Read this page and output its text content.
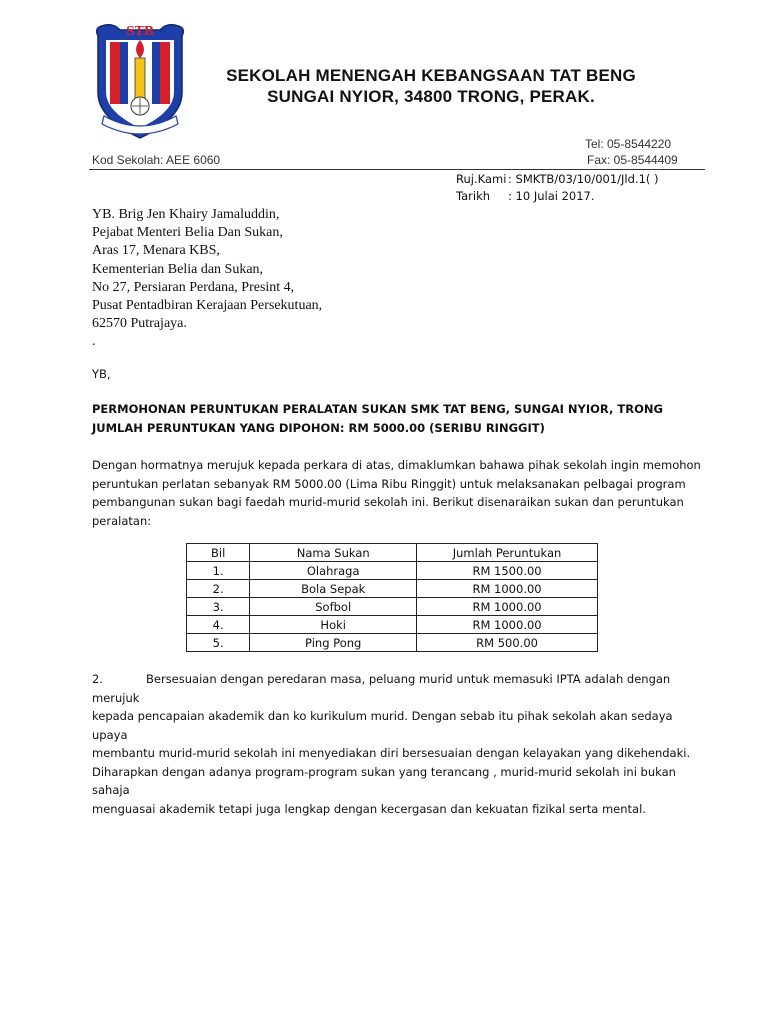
STB
SEKOLAH MENENGAH KEBANGSAAN TAT BENG
SUNGAI NYIOR, 34800 TRONG, PERAK.
Tel: 05-8544220
Kod Sekolah: AEE 6060	Fax: 05-8544409
Ruj.Kami : SMKTB/03/10/001/Jld.1( )
Tarikh : 10 Julai 2017.
YB. Brig Jen Khairy Jamaluddin,
Pejabat Menteri Belia Dan Sukan,
Aras 17, Menara KBS,
Kementerian Belia dan Sukan,
No 27, Persiaran Perdana, Presint 4,
Pusat Pentadbiran Kerajaan Persekutuan,
62570 Putrajaya.
.
YB,
PERMOHONAN PERUNTUKAN PERALATAN SUKAN SMK TAT BENG, SUNGAI NYIOR, TRONG
JUMLAH PERUNTUKAN YANG DIPOHON: RM 5000.00 (SERIBU RINGGIT)
Dengan hormatnya merujuk kepada perkara di atas, dimaklumkan bahawa pihak sekolah ingin memohon
peruntukan perlatan sebanyak RM 5000.00 (Lima Ribu Ringgit) untuk melaksanakan pelbagai program
pembangunan sukan bagi faedah murid-murid sekolah ini. Berikut disenaraikan sukan dan peruntukan
peralatan:
Bil	Nama Sukan	Jumlah Peruntukan
1.	Olahraga	RM 1500.00
2.	Bola Sepak	RM 1000.00
3.	Sofbol	RM 1000.00
4.	Hoki	RM 1000.00
5.	Ping Pong	RM 500.00
2.	Bersesuaian dengan peredaran masa, peluang murid untuk memasuki IPTA adalah dengan merujuk
kepada pencapaian akademik dan ko kurikulum murid. Dengan sebab itu pihak sekolah akan sedaya upaya
membantu murid-murid sekolah ini menyediakan diri bersesuaian dengan kelayakan yang dikehendaki.
Diharapkan dengan adanya program-program sukan yang terancang , murid-murid sekolah ini bukan sahaja
menguasai akademik tetapi juga lengkap dengan kecergasan dan kekuatan fizikal serta mental.
